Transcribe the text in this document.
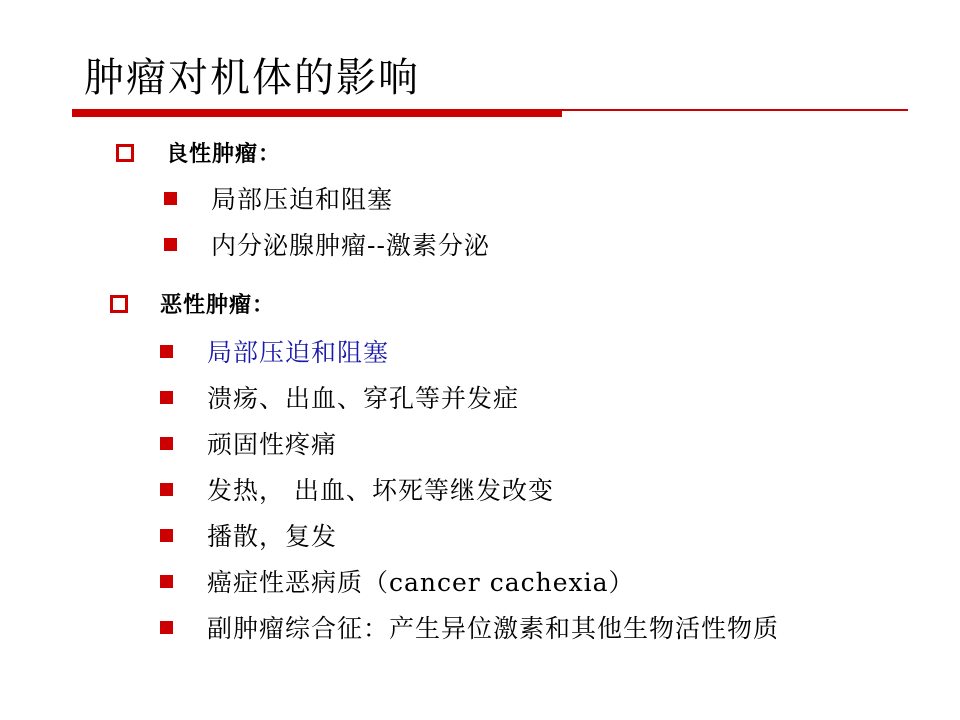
肿瘤对机体的影响
良性肿瘤：
局部压迫和阻塞
内分泌腺肿瘤--激素分泌
恶性肿瘤：
局部压迫和阻塞
溃疡、出血、穿孔等并发症
顽固性疼痛
发热， 出血、坏死等继发改变
播散，复发
癌症性恶病质（cancer cachexia）
副肿瘤综合征：产生异位激素和其他生物活性物质
